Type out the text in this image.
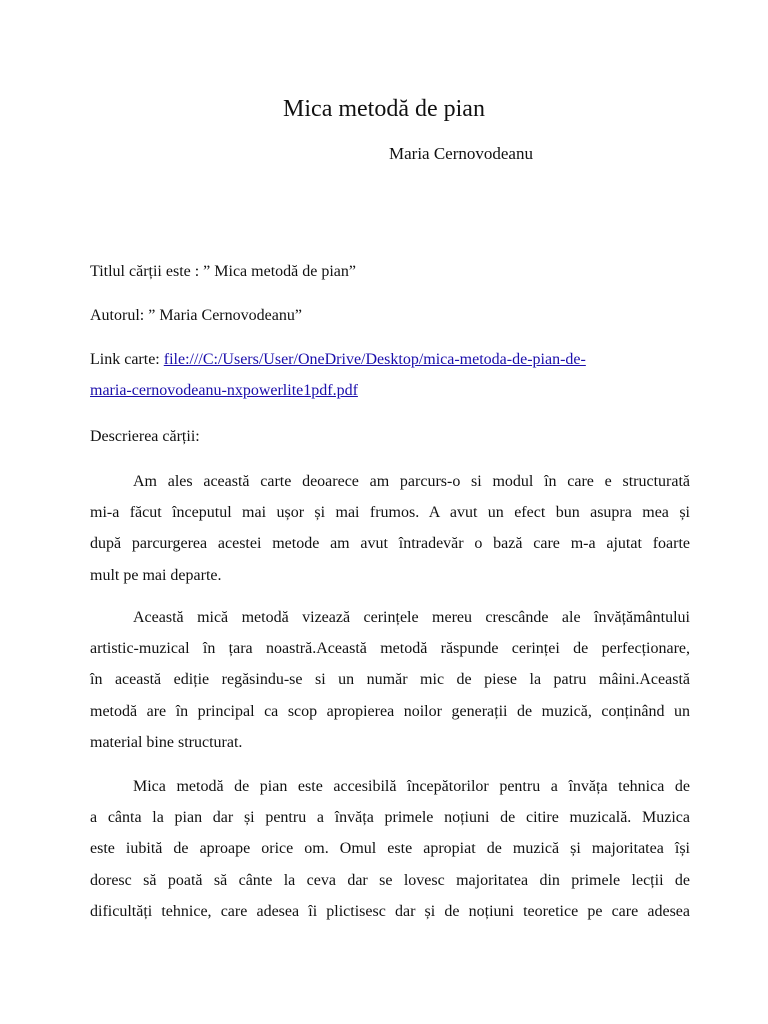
Mica metodă de pian
Maria Cernovodeanu
Titlul cărții este : ” Mica metodă de pian”
Autorul: ” Maria Cernovodeanu”
Link carte: file:///C:/Users/User/OneDrive/Desktop/mica-metoda-de-pian-de-
maria-cernovodeanu-nxpowerlite1pdf.pdf
Descrierea cărții:
Am ales această carte deoarece am parcurs-o si modul în care e structurată
mi-a făcut începutul mai ușor și mai frumos. A avut un efect bun asupra mea și
după parcurgerea acestei metode am avut întradevăr o bază care m-a ajutat foarte
mult pe mai departe.
Această mică metodă vizează cerințele mereu crescânde ale învățământului
artistic-muzical în țara noastră.Această metodă răspunde cerinței de perfecționare,
în această ediție regăsindu-se si un număr mic de piese la patru mâini.Această
metodă are în principal ca scop apropierea noilor generații de muzică, conținând un
material bine structurat.
Mica metodă de pian este accesibilă începătorilor pentru a învăța tehnica de
a cânta la pian dar și pentru a învăța primele noțiuni de citire muzicală. Muzica
este iubită de aproape orice om. Omul este apropiat de muzică și majoritatea își
doresc să poată să cânte la ceva dar se lovesc majoritatea din primele lecții de
dificultăți tehnice, care adesea îi plictisesc dar și de noțiuni teoretice pe care adesea
